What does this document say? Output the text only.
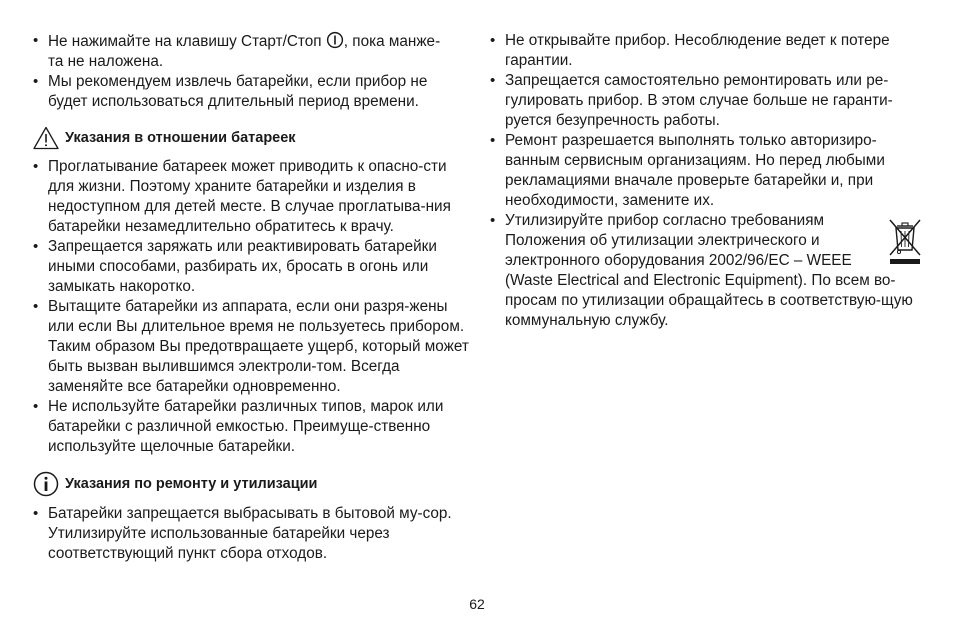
• Не нажимайте на клавишу Старт/Стоп , пока манже-
та не наложена.
• Мы рекомендуем извлечь батарейки, если прибор не будет использоваться длительный период времени.
Указания в отношении батареек
• Проглатывание батареек может приводить к опасно-сти для жизни. Поэтому храните батарейки и изделия в недоступном для детей месте. В случае проглатыва-ния батарейки незамедлительно обратитесь к врачу.
• Запрещается заряжать или реактивировать батарейки иными способами, разбирать их, бросать в огонь или замыкать накоротко.
• Вытащите батарейки из аппарата, если они разря-жены или если Вы длительное время не пользуетесь прибором. Таким образом Вы предотвращаете ущерб, который может быть вызван вылившимся электроли-том. Всегда заменяйте все батарейки одновременно.
• Не используйте батарейки различных типов, марок или батарейки с различной емкостью. Преимуще-ственно используйте щелочные батарейки.
Указания по ремонту и утилизации
• Батарейки запрещается выбрасывать в бытовой му-сор. Утилизируйте использованные батарейки через соответствующий пункт сбора отходов.
• Не открывайте прибор. Несоблюдение ведет к потере гарантии.
• Запрещается самостоятельно ремонтировать или ре-гулировать прибор. В этом случае больше не гаранти-руется безупречность работы.
• Ремонт разрешается выполнять только авторизиро-ванным сервисным организациям. Но перед любыми рекламациями вначале проверьте батарейки и, при необходимости, замените их.
• Утилизируйте прибор согласно требованиям Положения об утилизации электрического и электронного оборудования 2002/96/EC – WEEE
(Waste Electrical and Electronic Equipment). По всем во-просам по утилизации обращайтесь в соответствую-щую коммунальную службу.
62
